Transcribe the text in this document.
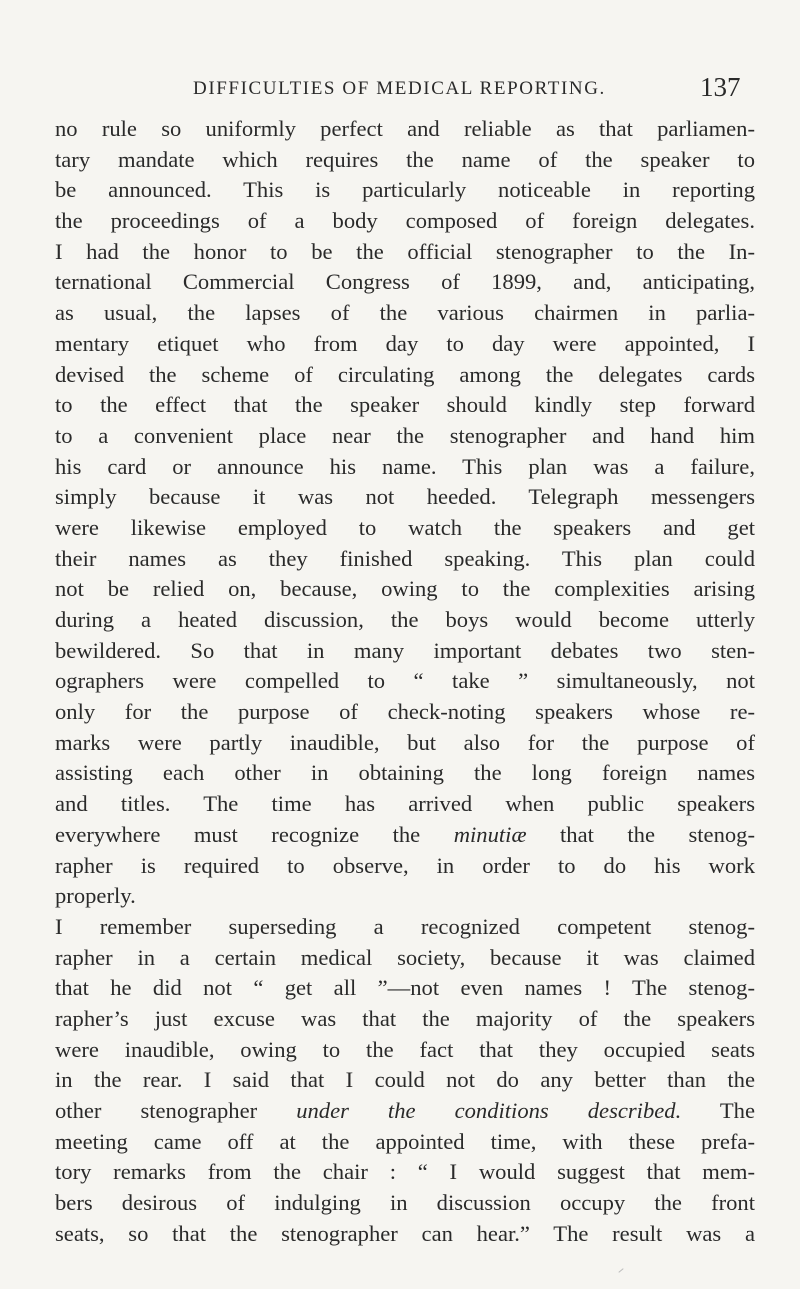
DIFFICULTIES OF MEDICAL REPORTING.	137
no rule so uniformly perfect and reliable as that parliamen-
tary mandate which requires the name of the speaker to
be announced. This is particularly noticeable in reporting
the proceedings of a body composed of foreign delegates.
I had the honor to be the official stenographer to the In-
ternational Commercial Congress of 1899, and, anticipating,
as usual, the lapses of the various chairmen in parlia-
mentary etiquet who from day to day were appointed, I
devised the scheme of circulating among the delegates cards
to the effect that the speaker should kindly step forward
to a convenient place near the stenographer and hand him
his card or announce his name. This plan was a failure,
simply because it was not heeded. Telegraph messengers
were likewise employed to watch the speakers and get
their names as they finished speaking. This plan could
not be relied on, because, owing to the complexities arising
during a heated discussion, the boys would become utterly
bewildered. So that in many important debates two sten-
ographers were compelled to “ take ” simultaneously, not
only for the purpose of check-noting speakers whose re-
marks were partly inaudible, but also for the purpose of
assisting each other in obtaining the long foreign names
and titles. The time has arrived when public speakers
everywhere must recognize the minutiæ that the stenog-
rapher is required to observe, in order to do his work
properly.
I remember superseding a recognized competent stenog-
rapher in a certain medical society, because it was claimed
that he did not “ get all ”—not even names ! The stenog-
rapher’s just excuse was that the majority of the speakers
were inaudible, owing to the fact that they occupied seats
in the rear. I said that I could not do any better than the
other stenographer under the conditions described. The
meeting came off at the appointed time, with these prefa-
tory remarks from the chair : “ I would suggest that mem-
bers desirous of indulging in discussion occupy the front
seats, so that the stenographer can hear.” The result was a
